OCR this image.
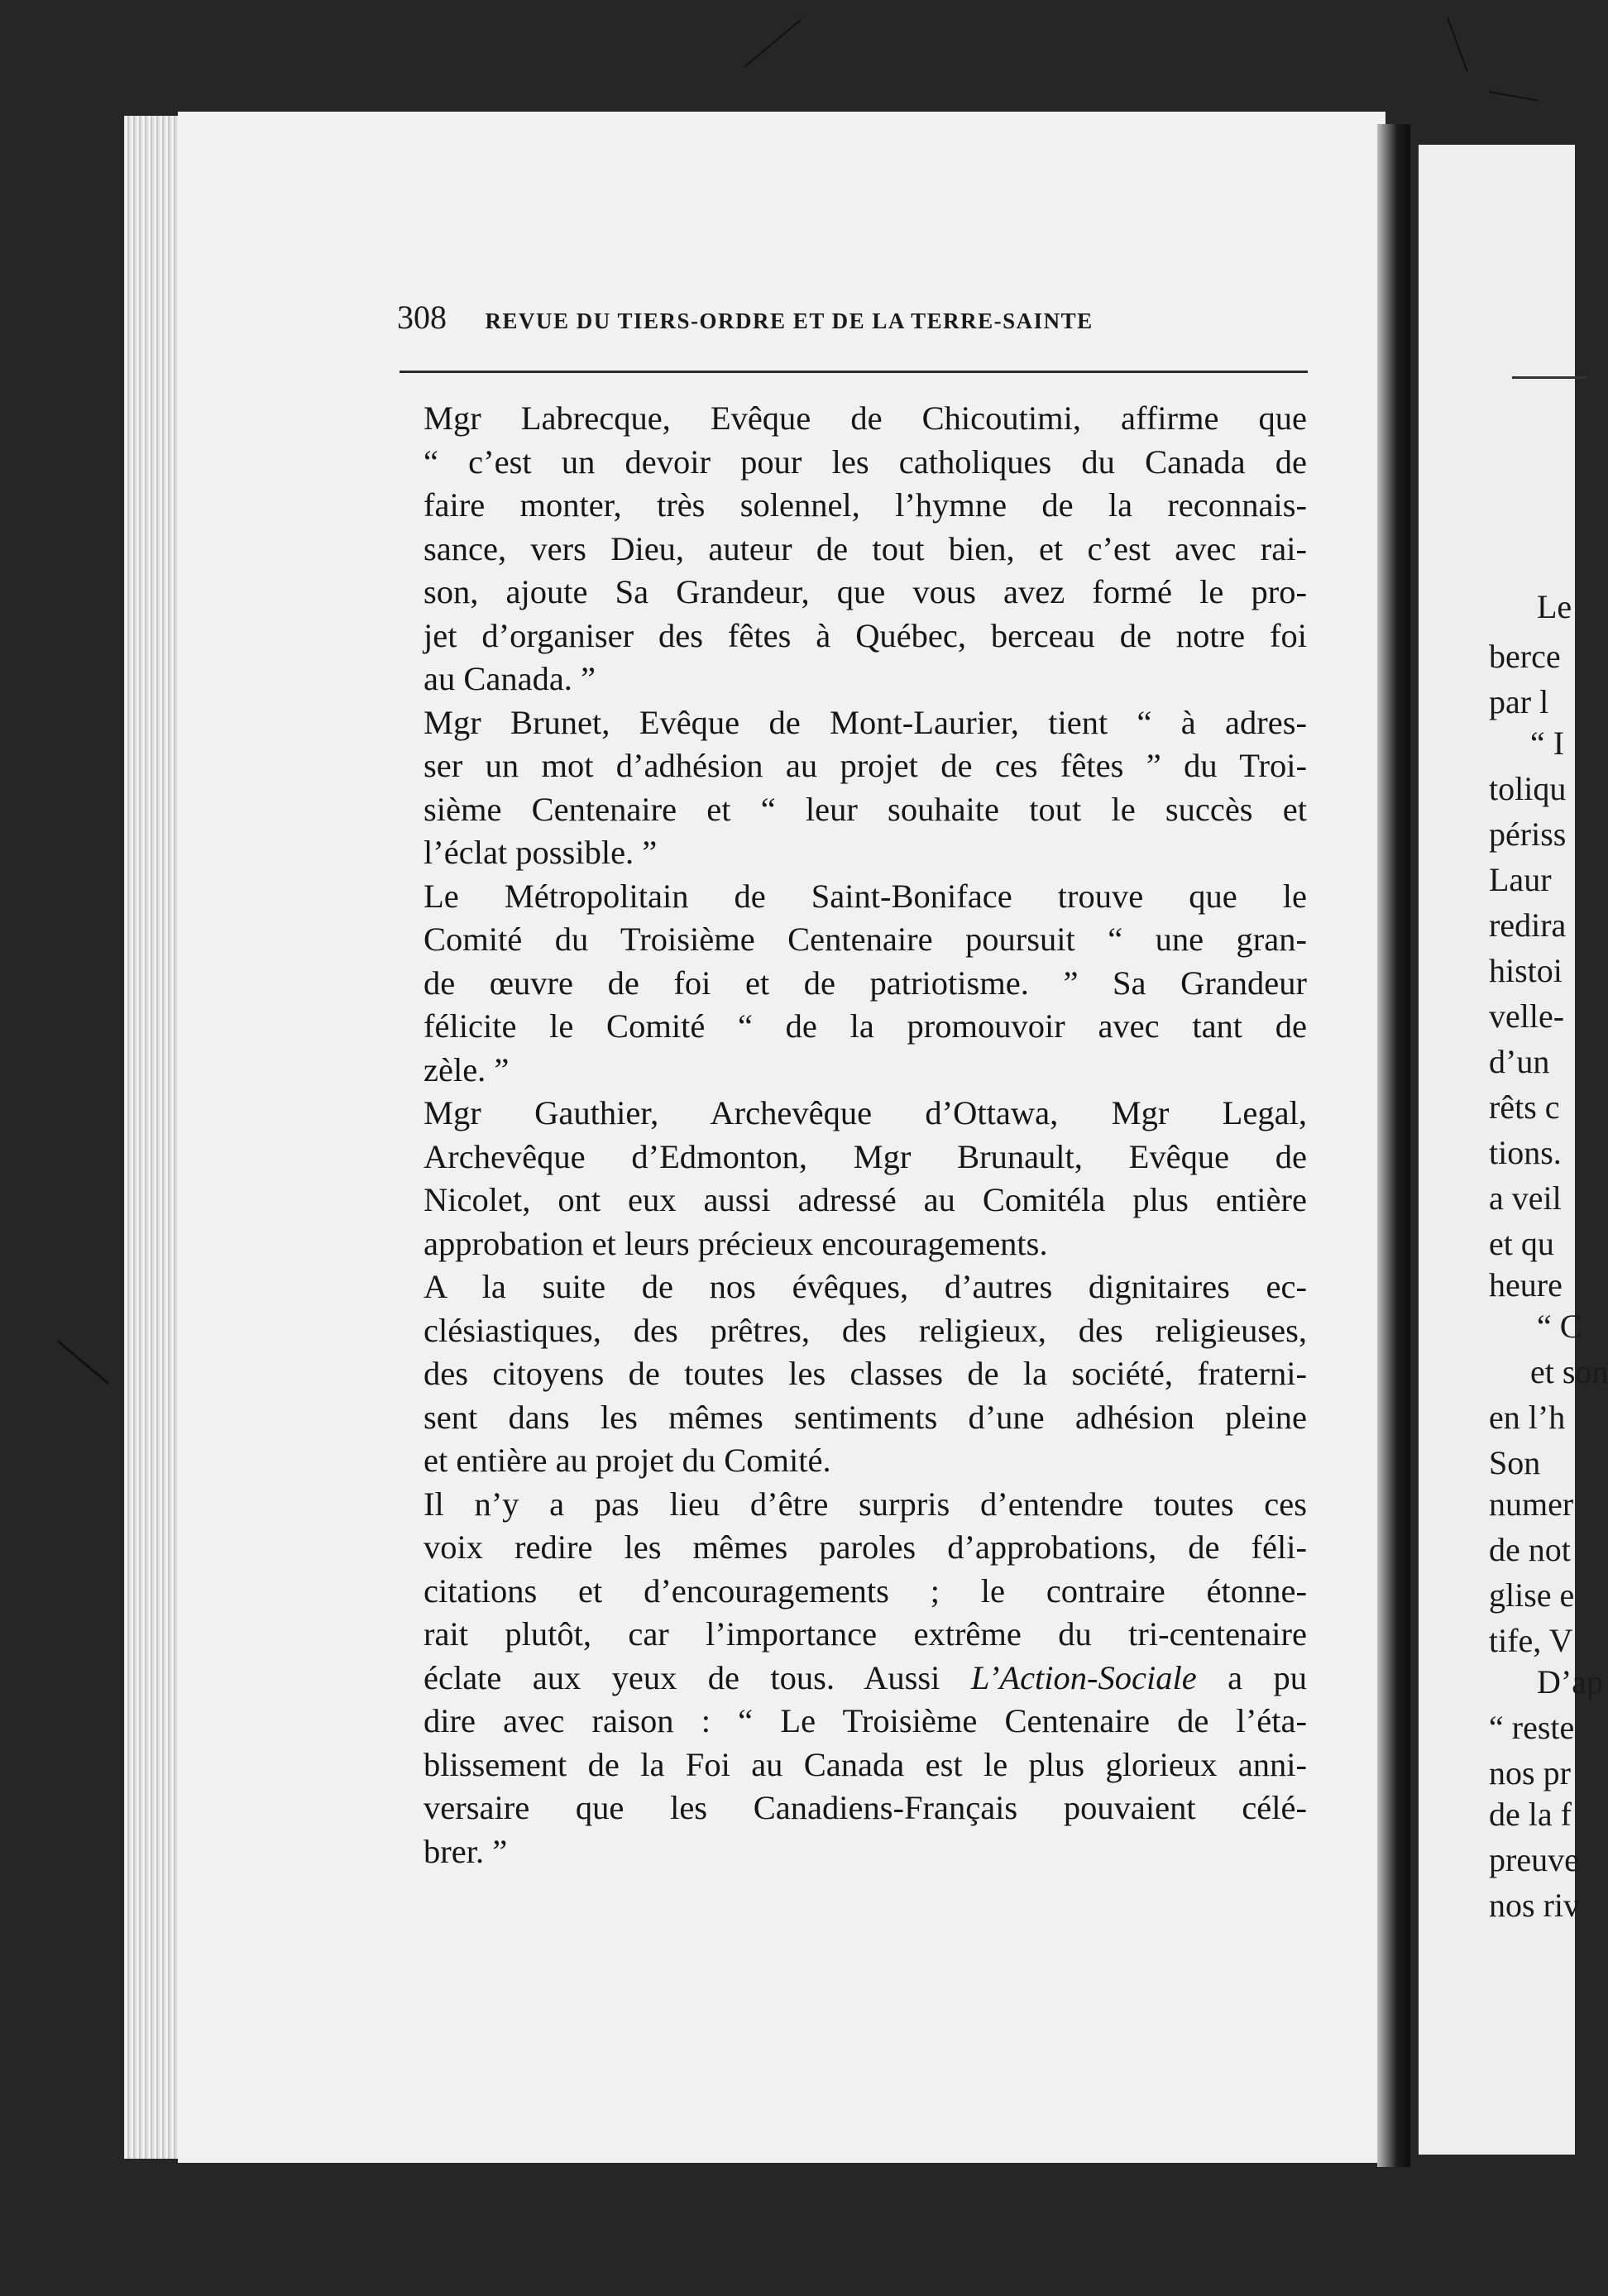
308 REVUE DU TIERS-ORDRE ET DE LA TERRE-SAINTE

Mgr Labrecque, Evêque de Chicoutimi, affirme que
“ c’est un devoir pour les catholiques du Canada de
faire monter, très solennel, l’hymne de la reconnais-
sance, vers Dieu, auteur de tout bien, et c’est avec rai-
son, ajoute Sa Grandeur, que vous avez formé le pro-
jet d’organiser des fêtes à Québec, berceau de notre foi
au Canada. ”

Mgr Brunet, Evêque de Mont-Laurier, tient “ à adres-
ser un mot d’adhésion au projet de ces fêtes ” du Troi-
sième Centenaire et “ leur souhaite tout le succès et
l’éclat possible. ”

Le Métropolitain de Saint-Boniface trouve que le
Comité du Troisième Centenaire poursuit “ une gran-
de œuvre de foi et de patriotisme. ” Sa Grandeur
félicite le Comité “ de la promouvoir avec tant de
zèle. ”

Mgr Gauthier, Archevêque d’Ottawa, Mgr Legal,
Archevêque d’Edmonton, Mgr Brunault, Evêque de
Nicolet, ont eux aussi adressé au Comitéla plus entière
approbation et leurs précieux encouragements.

A la suite de nos évêques, d’autres dignitaires ec-
clésiastiques, des prêtres, des religieux, des religieuses,
des citoyens de toutes les classes de la société, fraterni-
sent dans les mêmes sentiments d’une adhésion pleine
et entière au projet du Comité.

Il n’y a pas lieu d’être surpris d’entendre toutes ces
voix redire les mêmes paroles d’approbations, de féli-
citations et d’encouragements ; le contraire étonne-
rait plutôt, car l’importance extrême du tri-centenaire
éclate aux yeux de tous. Aussi L’Action-Sociale a pu
dire avec raison : “ Le Troisième Centenaire de l’éta-
blissement de la Foi au Canada est le plus glorieux anni-
versaire que les Canadiens-Français pouvaient célé-
brer. ”

Le
berce
par l
“ I
toliqu
périss
Laur
redira
histoi
velle-
d’un
rêts c
tions.
a veil
et qu
heure
“ C
et son
en l’h
Son
numer
de not
glise e
tife, V
D’ap
“ reste
nos pr
de la f
preuve
nos riv
